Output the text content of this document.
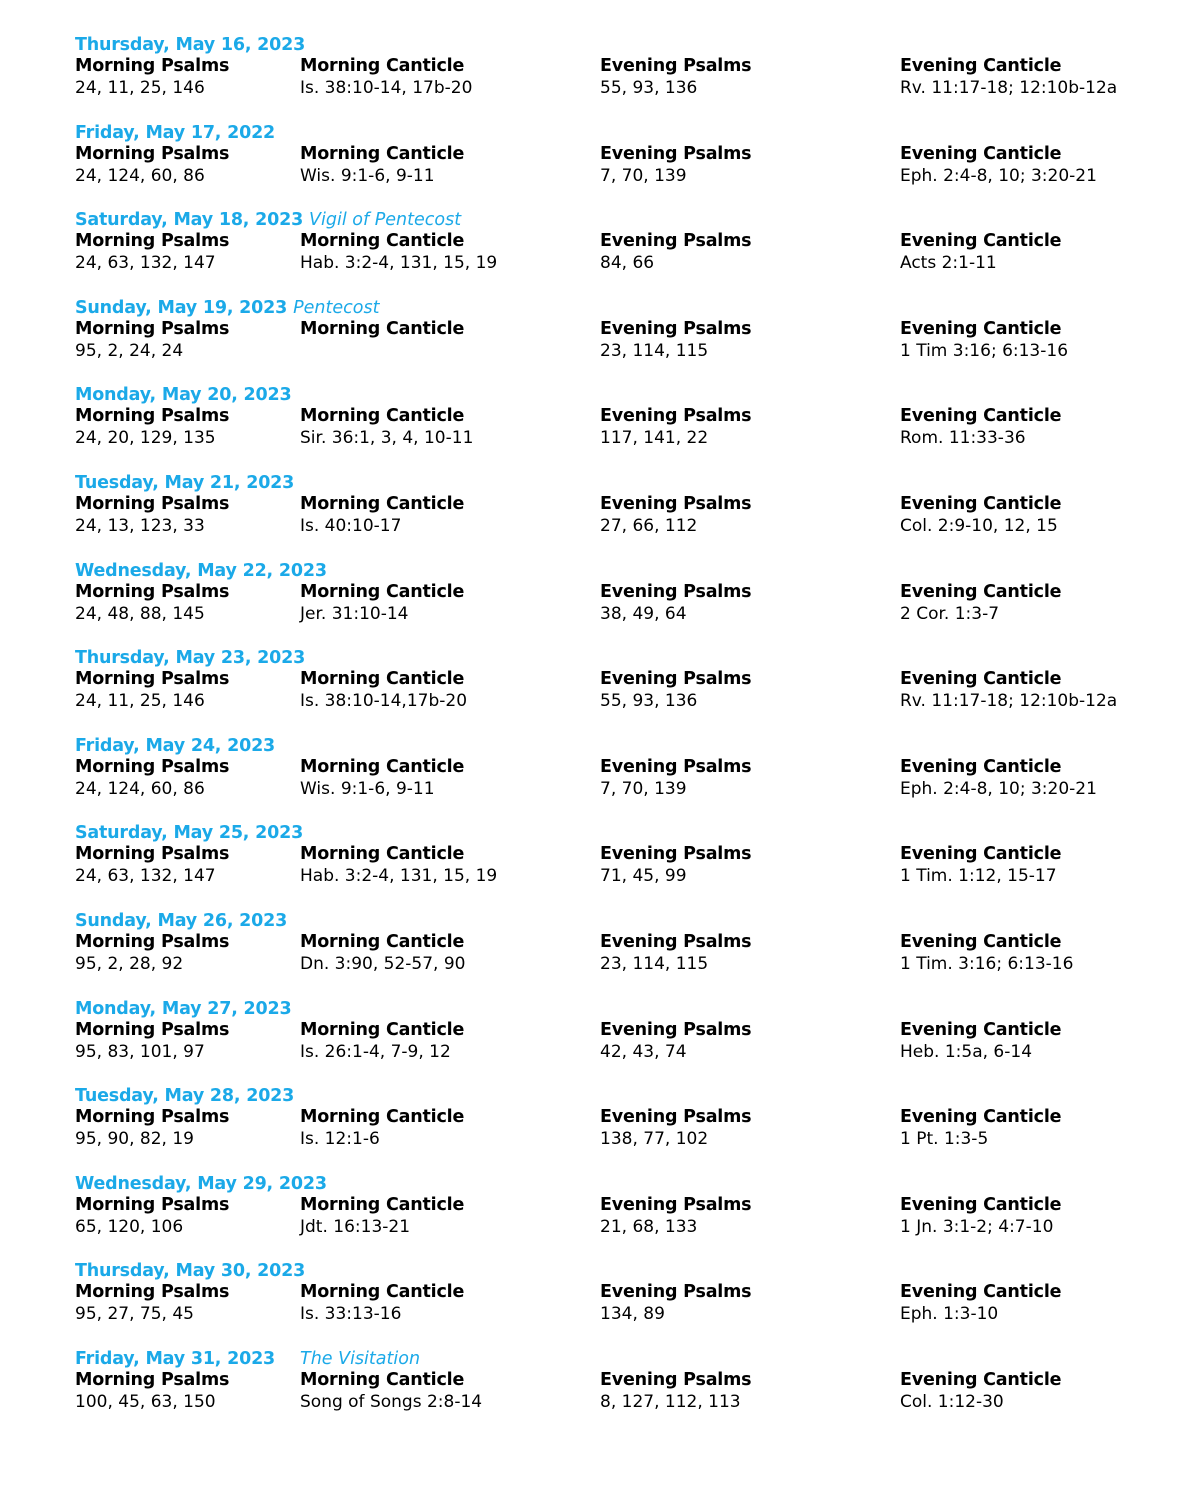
Thursday, May 16, 2023
Morning Psalms
24, 11, 25, 146
Morning Canticle
Is. 38:10-14, 17b-20
Evening Psalms
55, 93, 136
Evening Canticle
Rv. 11:17-18; 12:10b-12a
Friday, May 17, 2022
Morning Psalms
24, 124, 60, 86
Morning Canticle
Wis. 9:1-6, 9-11
Evening Psalms
7, 70, 139
Evening Canticle
Eph. 2:4-8, 10; 3:20-21
Saturday, May 18, 2023 Vigil of Pentecost
Morning Psalms
24, 63, 132, 147
Morning Canticle
Hab. 3:2-4, 131, 15, 19
Evening Psalms
84, 66
Evening Canticle
Acts 2:1-11
Sunday, May 19, 2023 Pentecost
Morning Psalms
95, 2, 24, 24
Morning Canticle	Evening Psalms
23, 114, 115
Evening Canticle
1 Tim 3:16; 6:13-16
Monday, May 20, 2023
Morning Psalms
24, 20, 129, 135
Morning Canticle
Sir. 36:1, 3, 4, 10-11
Evening Psalms
117, 141, 22
Evening Canticle
Rom. 11:33-36
Tuesday, May 21, 2023
Morning Psalms
24, 13, 123, 33
Morning Canticle
Is. 40:10-17
Evening Psalms
27, 66, 112
Evening Canticle
Col. 2:9-10, 12, 15
Wednesday, May 22, 2023
Morning Psalms
24, 48, 88, 145
Morning Canticle
Jer. 31:10-14
Evening Psalms
38, 49, 64
Evening Canticle
2 Cor. 1:3-7
Thursday, May 23, 2023
Morning Psalms
24, 11, 25, 146
Morning Canticle
Is. 38:10-14,17b-20
Evening Psalms
55, 93, 136
Evening Canticle
Rv. 11:17-18; 12:10b-12a
Friday, May 24, 2023
Morning Psalms
24, 124, 60, 86
Morning Canticle
Wis. 9:1-6, 9-11
Evening Psalms
7, 70, 139
Evening Canticle
Eph. 2:4-8, 10; 3:20-21
Saturday, May 25, 2023
Morning Psalms
24, 63, 132, 147
Morning Canticle
Hab. 3:2-4, 131, 15, 19
Evening Psalms
71, 45, 99
Evening Canticle
1 Tim. 1:12, 15-17
Sunday, May 26, 2023
Morning Psalms
95, 2, 28, 92
Morning Canticle
Dn. 3:90, 52-57, 90
Evening Psalms
23, 114, 115
Evening Canticle
1 Tim. 3:16; 6:13-16
Monday, May 27, 2023
Morning Psalms
95, 83, 101, 97
Morning Canticle
Is. 26:1-4, 7-9, 12
Evening Psalms
42, 43, 74
Evening Canticle
Heb. 1:5a, 6-14
Tuesday, May 28, 2023
Morning Psalms
95, 90, 82, 19
Morning Canticle
Is. 12:1-6
Evening Psalms
138, 77, 102
Evening Canticle
1 Pt. 1:3-5
Wednesday, May 29, 2023
Morning Psalms
65, 120, 106
Morning Canticle
Jdt. 16:13-21
Evening Psalms
21, 68, 133
Evening Canticle
1 Jn. 3:1-2; 4:7-10
Thursday, May 30, 2023
Morning Psalms
95, 27, 75, 45
Morning Canticle
Is. 33:13-16
Evening Psalms
134, 89
Evening Canticle
Eph. 1:3-10
Friday, May 31, 2023 The Visitation
Morning Psalms
100, 45, 63, 150
Morning Canticle
Song of Songs 2:8-14
Evening Psalms
8, 127, 112, 113
Evening Canticle
Col. 1:12-30
